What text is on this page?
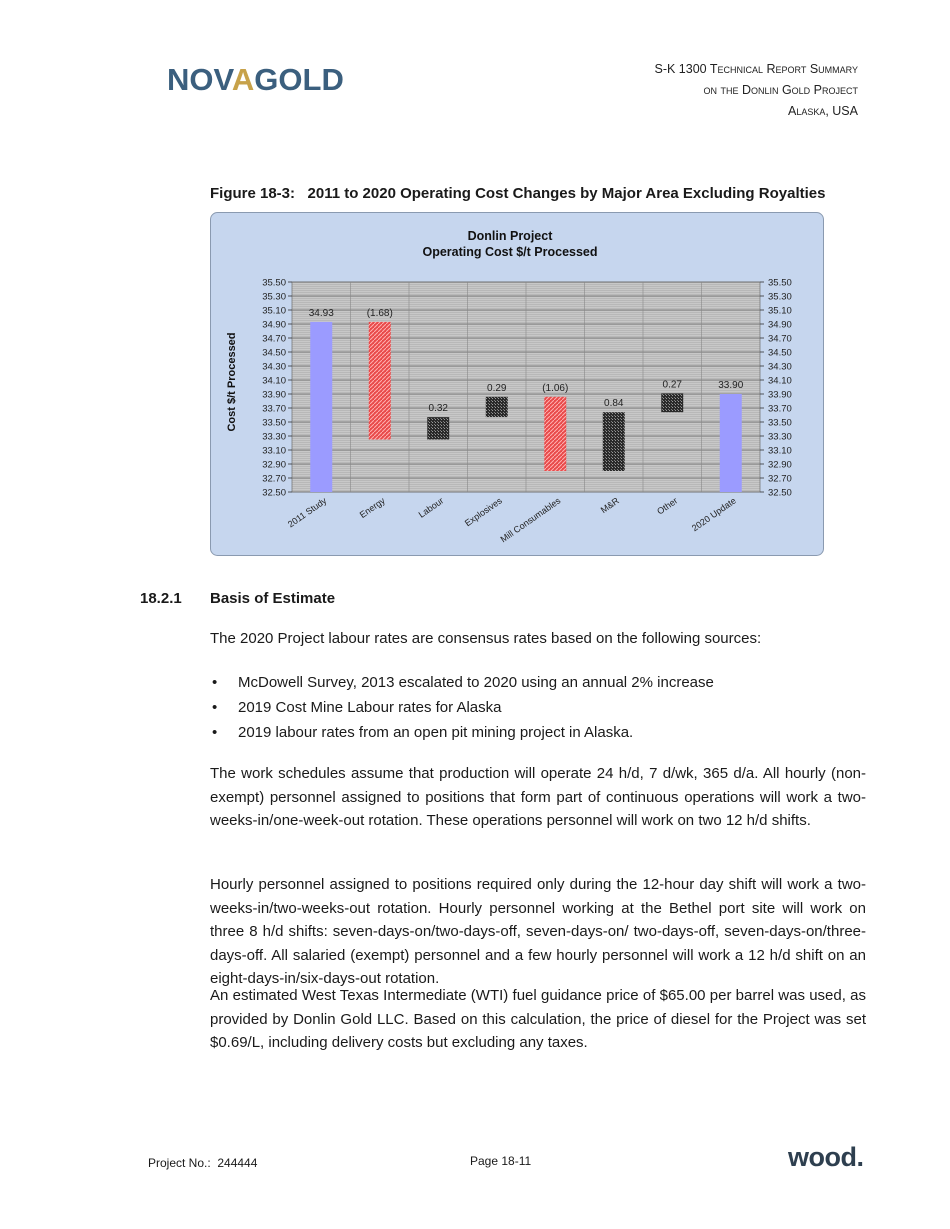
NOVAGOLD	S-K 1300 Technical Report Summary
on the Donlin Gold Project
Alaska, USA
Figure 18-3:   2011 to 2020 Operating Cost Changes by Major Area Excluding Royalties
Donlin Project
Operating Cost $/t Processed
34.93
2011 Study
(1.68)
Energy
0.32
Labour
0.29
Explosives
(1.06)
Mill Consumables
0.84
M&R
0.27
Other
33.90
2020 Update
35.50	35.50
35.30	35.30
35.10	35.10
34.90	34.90
34.70	34.70
34.50	34.50
34.30	34.30
34.10	34.10
33.90	33.90
33.70	33.70
33.50	33.50
33.30	33.30
33.10	33.10
32.90	32.90
32.70	32.70
32.50	32.50
Cost $/t Processed
18.2.1 Basis of Estimate

The 2020 Project labour rates are consensus rates based on the following sources:

• McDowell Survey, 2013 escalated to 2020 using an annual 2% increase
• 2019 Cost Mine Labour rates for Alaska
• 2019 labour rates from an open pit mining project in Alaska.

The work schedules assume that production will operate 24 h/d, 7 d/wk, 365 d/a. All hourly (non-exempt) personnel assigned to positions that form part of continuous operations will work a two-weeks-in/one-week-out rotation. These operations personnel will work on two 12 h/d shifts.

Hourly personnel assigned to positions required only during the 12-hour day shift will work a two-weeks-in/two-weeks-out rotation. Hourly personnel working at the Bethel port site will work on three 8 h/d shifts: seven-days-on/two-days-off, seven-days-on/ two-days-off, seven-days-on/three-days-off. All salaried (exempt) personnel and a few hourly personnel will work a 12 h/d shift on an eight-days-in/six-days-out rotation.

An estimated West Texas Intermediate (WTI) fuel guidance price of $65.00 per barrel was used, as provided by Donlin Gold LLC. Based on this calculation, the price of diesel for the Project was set $0.69/L, including delivery costs but excluding any taxes.

Project No.:  244444	Page 18-11	wood.
